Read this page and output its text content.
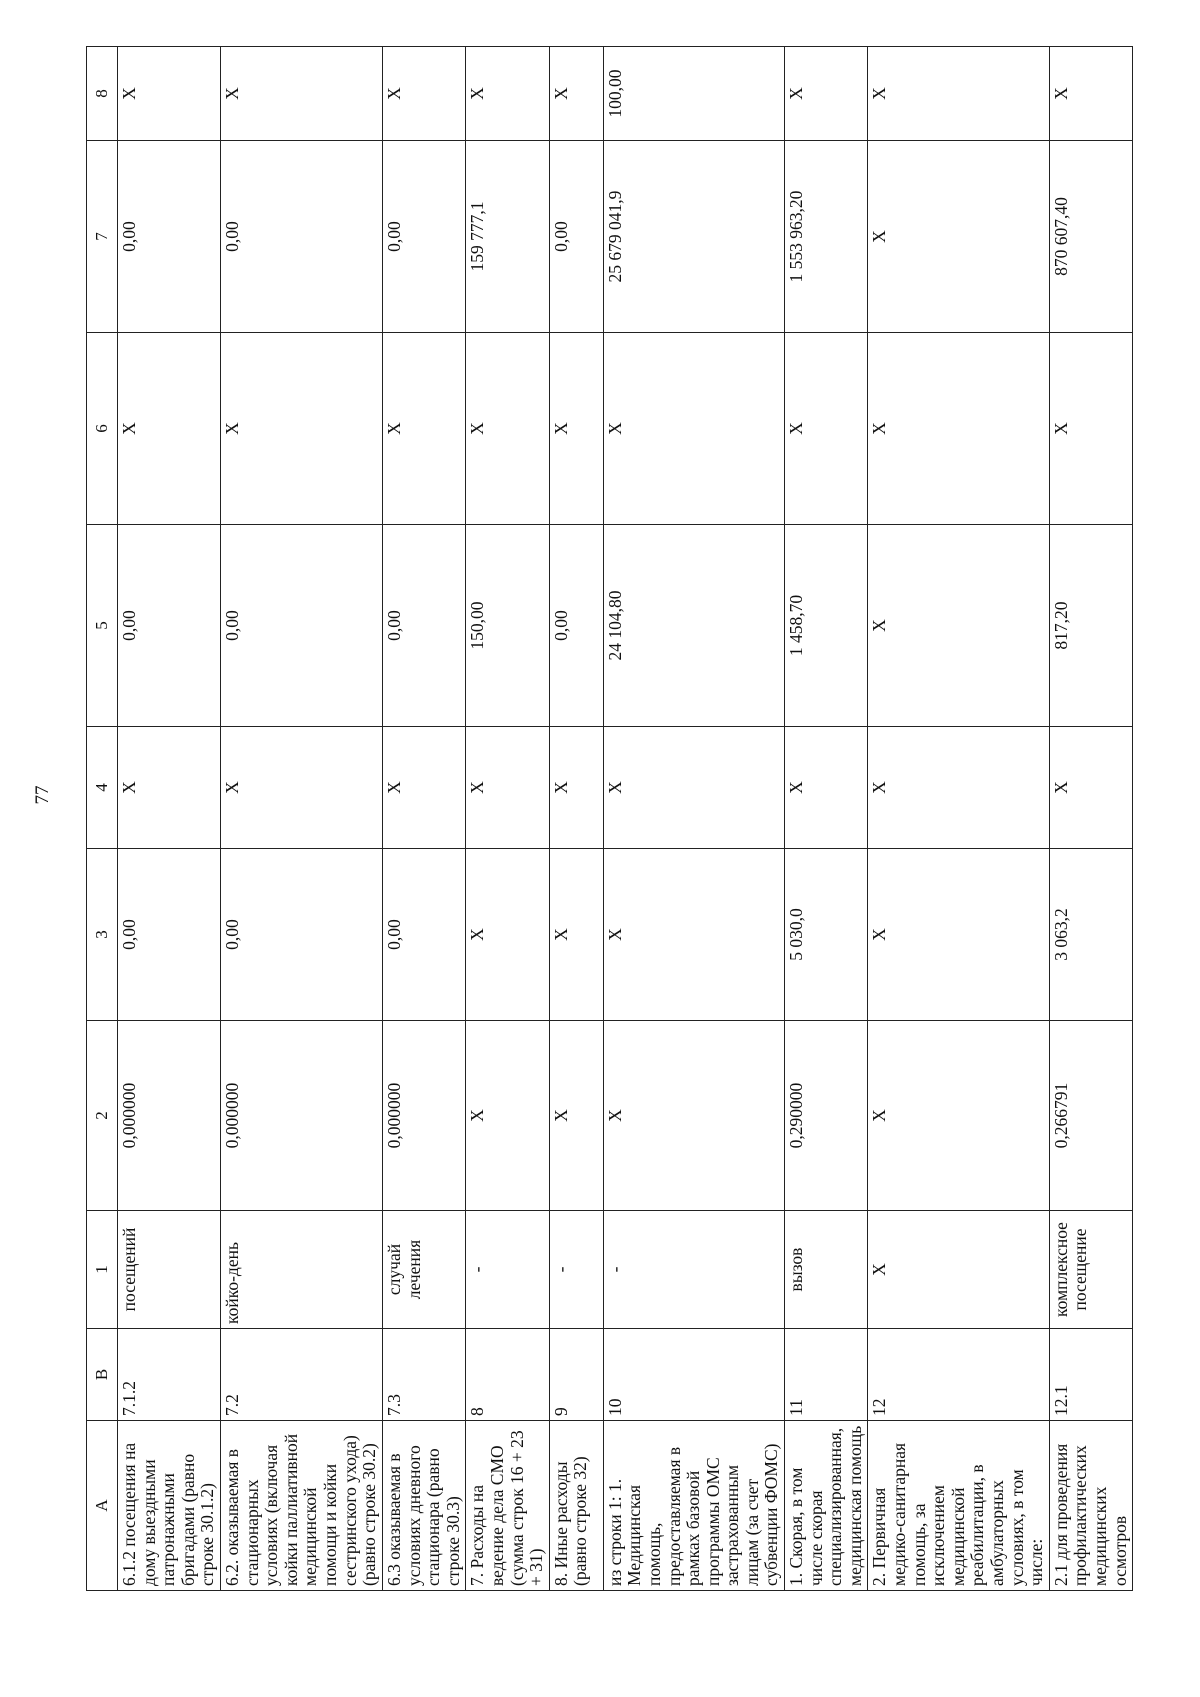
77
A	B	1	2	3	4	5	6	7	8
6.1.2 посещения на дому выездными патронажными бригадами (равно строке 30.1.2)	7.1.2	посещений	0,000000	0,00	X	0,00	X	0,00	X
6.2. оказываемая в стационарных условиях (включая койки паллиативной медицинской помощи и койки сестринского ухода) (равно строке 30.2)	7.2	койко-день	0,000000	0,00	X	0,00	X	0,00	X
6.3 оказываемая в условиях дневного стационара (равно строке 30.3)	7.3	случай лечения	0,000000	0,00	X	0,00	X	0,00	X
7. Расходы на ведение дела СМО (сумма строк 16 + 23 + 31)	8	-	X	X	X	150,00	X	159 777,1	X
8. Иные расходы (равно строке 32)	9	-	X	X	X	0,00	X	0,00	X
из строки 1: 1. Медицинская помощь, предоставляемая в рамках базовой программы ОМС застрахованным лицам (за счет субвенции ФОМС)	10	-	X	X	X	24 104,80	X	25 679 041,9	100,00
1. Скорая, в том числе скорая специализированная, медицинская помощь	11	вызов	0,290000	5 030,0	X	1 458,70	X	1 553 963,20	X
2. Первичная медико-санитарная помощь, за исключением медицинской реабилитации, в амбулаторных условиях, в том числе:	12	X	X	X	X	X	X	X	X
2.1 для проведения профилактических медицинских осмотров	12.1	комплексное посещение	0,266791	3 063,2	X	817,20	X	870 607,40	X
